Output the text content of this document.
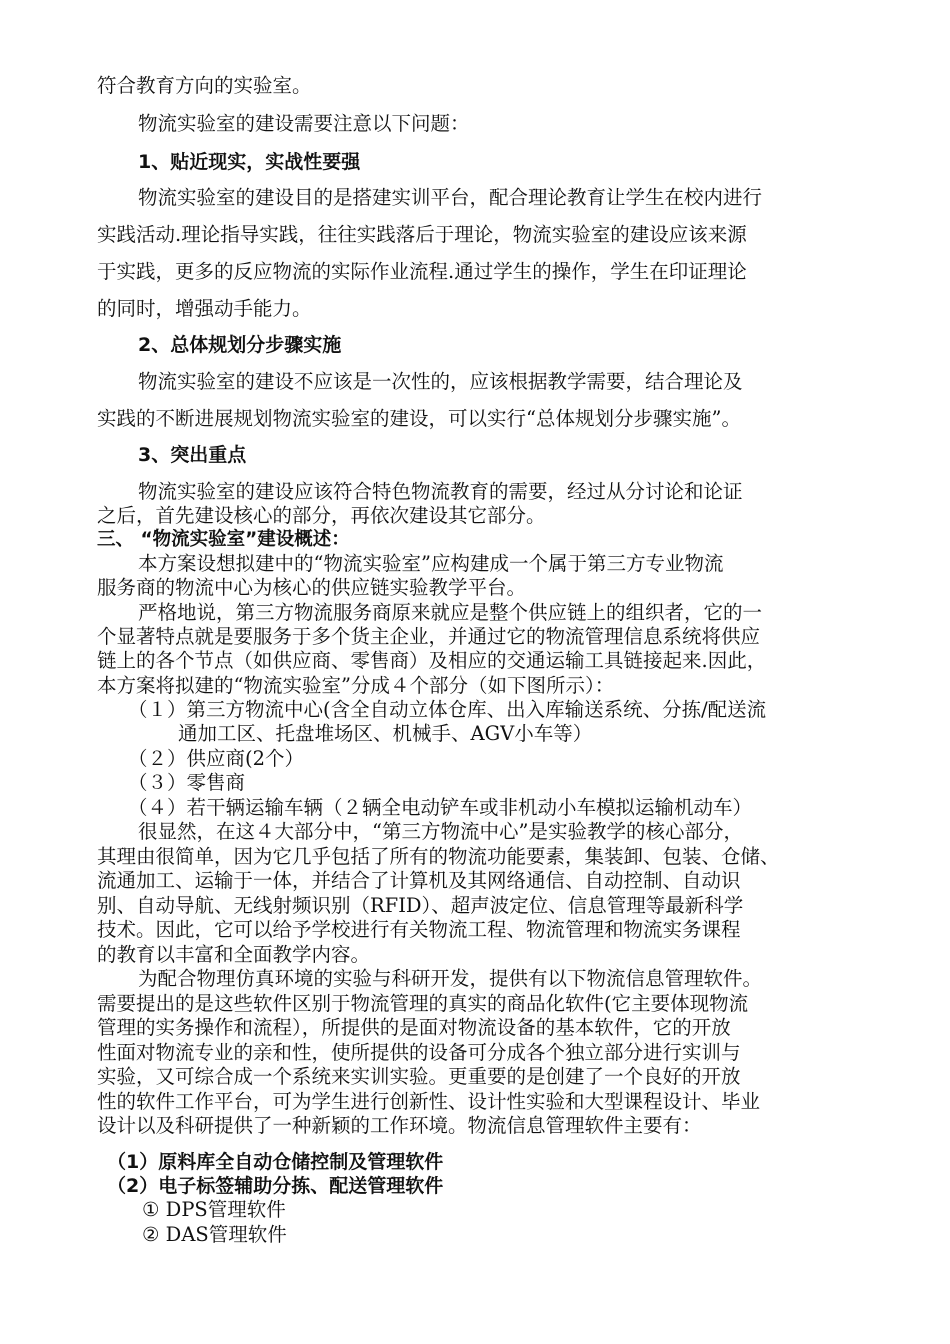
符合教育方向的实验室。
物流实验室的建设需要注意以下问题：
1、贴近现实，实战性要强
物流实验室的建设目的是搭建实训平台，配合理论教育让学生在校内进行
实践活动.理论指导实践，往往实践落后于理论，物流实验室的建设应该来源
于实践，更多的反应物流的实际作业流程.通过学生的操作，学生在印证理论
的同时，增强动手能力。
2、总体规划分步骤实施
物流实验室的建设不应该是一次性的，应该根据教学需要，结合理论及
实践的不断进展规划物流实验室的建设，可以实行“总体规划分步骤实施”。
3、突出重点
物流实验室的建设应该符合特色物流教育的需要，经过从分讨论和论证
之后，首先建设核心的部分，再依次建设其它部分。
三、 “物流实验室”建设概述：
本方案设想拟建中的“物流实验室”应构建成一个属于第三方专业物流
服务商的物流中心为核心的供应链实验教学平台。
严格地说，第三方物流服务商原来就应是整个供应链上的组织者，它的一
个显著特点就是要服务于多个货主企业，并通过它的物流管理信息系统将供应
链上的各个节点（如供应商、零售商）及相应的交通运输工具链接起来.因此，
本方案将拟建的“物流实验室”分成４个部分（如下图所示）：
（１）第三方物流中心(含全自动立体仓库、出入库输送系统、分拣/配送流
通加工区、托盘堆场区、机械手、AGV小车等）
（２）供应商(2个）
（３）零售商
（４）若干辆运输车辆（２辆全电动铲车或非机动小车模拟运输机动车）
很显然，在这４大部分中，“第三方物流中心”是实验教学的核心部分，
其理由很简单，因为它几乎包括了所有的物流功能要素，集装卸、包装、仓储、
流通加工、运输于一体，并结合了计算机及其网络通信、自动控制、自动识
别、自动导航、无线射频识别（RFID）、超声波定位、信息管理等最新科学
技术。因此，它可以给予学校进行有关物流工程、物流管理和物流实务课程
的教育以丰富和全面教学内容。
为配合物理仿真环境的实验与科研开发，提供有以下物流信息管理软件。
需要提出的是这些软件区别于物流管理的真实的商品化软件(它主要体现物流
管理的实务操作和流程），所提供的是面对物流设备的基本软件，它的开放
性面对物流专业的亲和性，使所提供的设备可分成各个独立部分进行实训与
实验，又可综合成一个系统来实训实验。更重要的是创建了一个良好的开放
性的软件工作平台，可为学生进行创新性、设计性实验和大型课程设计、毕业
设计以及科研提供了一种新颖的工作环境。物流信息管理软件主要有：
（1）原料库全自动仓储控制及管理软件
（2）电子标签辅助分拣、配送管理软件
① DPS管理软件
② DAS管理软件
